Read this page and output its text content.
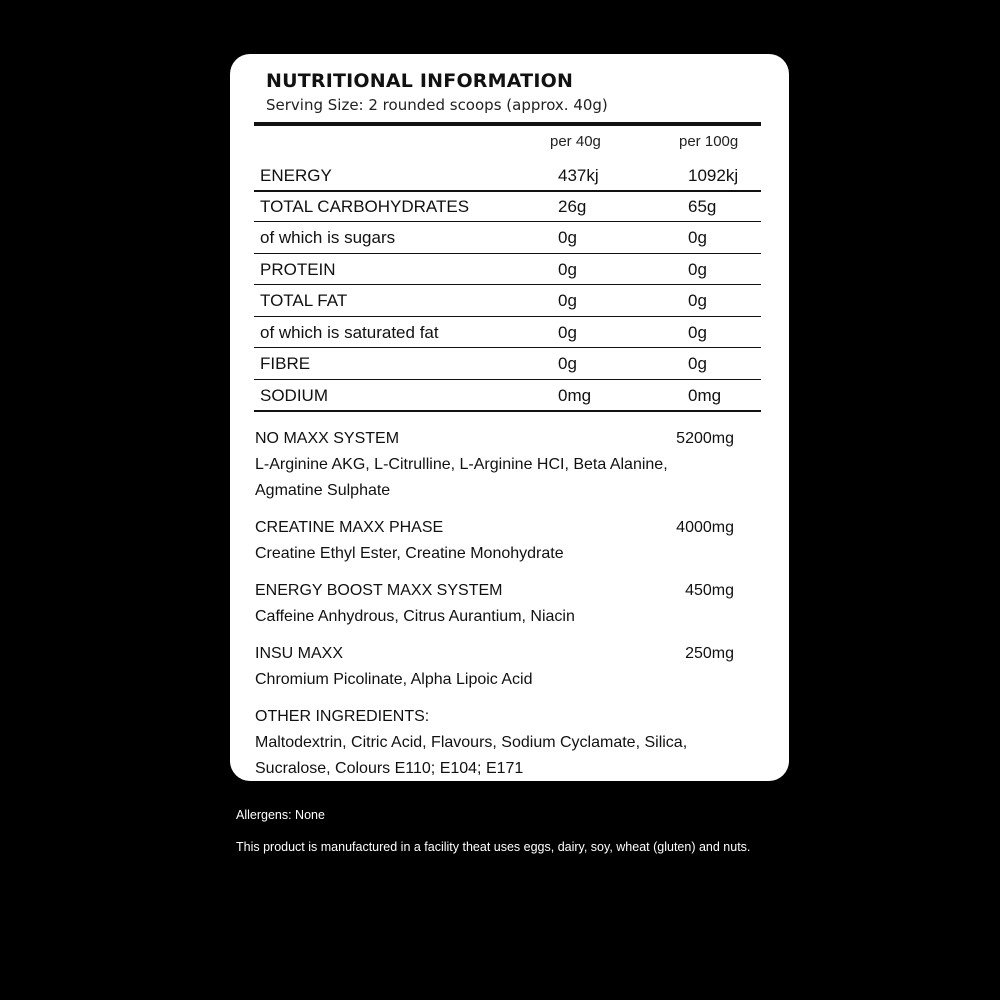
NUTRITIONAL INFORMATION
Serving Size: 2 rounded scoops (approx. 40g)
per 40g	per 100g
ENERGY	437kj	1092kj
TOTAL CARBOHYDRATES	26g	65g
of which is sugars	0g	0g
PROTEIN	0g	0g
TOTAL FAT	0g	0g
of which is saturated fat	0g	0g
FIBRE	0g	0g
SODIUM	0mg	0mg
NO MAXX SYSTEM	5200mg
L-Arginine AKG, L-Citrulline, L-Arginine HCI, Beta Alanine, Agmatine Sulphate
CREATINE MAXX PHASE	4000mg
Creatine Ethyl Ester, Creatine Monohydrate
ENERGY BOOST MAXX SYSTEM	450mg
Caffeine Anhydrous, Citrus Aurantium, Niacin
INSU MAXX	250mg
Chromium Picolinate, Alpha Lipoic Acid
OTHER INGREDIENTS:
Maltodextrin, Citric Acid, Flavours, Sodium Cyclamate, Silica, Sucralose, Colours E110; E104; E171
Allergens: None
This product is manufactured in a facility theat uses eggs, dairy, soy, wheat (gluten) and nuts.
